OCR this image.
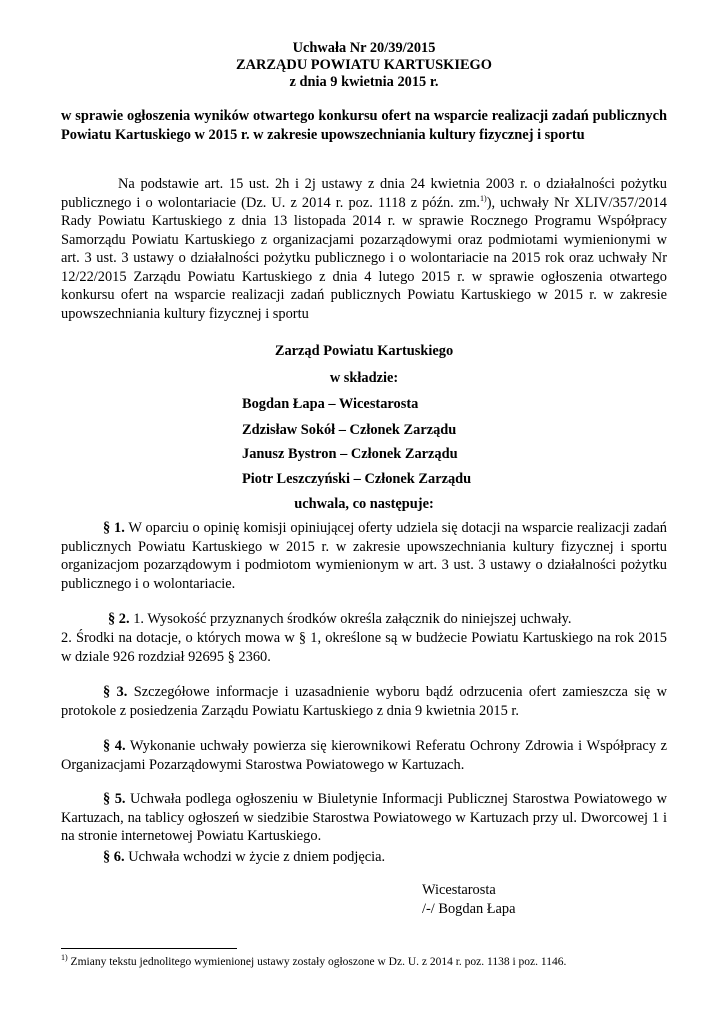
Uchwała Nr 20/39/2015
ZARZĄDU POWIATU KARTUSKIEGO
z dnia 9 kwietnia 2015 r.
w sprawie ogłoszenia wyników otwartego konkursu ofert na wsparcie realizacji zadań publicznych Powiatu Kartuskiego w 2015 r. w zakresie upowszechniania kultury fizycznej i sportu
Na podstawie art. 15 ust. 2h i 2j ustawy z dnia 24 kwietnia 2003 r. o działalności pożytku publicznego i o wolontariacie (Dz. U. z 2014 r. poz. 1118 z późn. zm.$^{1)}$), uchwały Nr XLIV/357/2014 Rady Powiatu Kartuskiego z dnia 13 listopada 2014 r. w sprawie Rocznego Programu Współpracy Samorządu Powiatu Kartuskiego z organizacjami pozarządowymi oraz podmiotami wymienionymi w art. 3 ust. 3 ustawy o działalności pożytku publicznego i o wolontariacie na 2015 rok oraz uchwały Nr 12/22/2015 Zarządu Powiatu Kartuskiego z dnia 4 lutego 2015 r. w sprawie ogłoszenia otwartego konkursu ofert na wsparcie realizacji zadań publicznych Powiatu Kartuskiego w 2015 r. w zakresie upowszechniania kultury fizycznej i sportu
Zarząd Powiatu Kartuskiego
w składzie:
Bogdan Łapa – Wicestarosta
Zdzisław Sokół – Członek Zarządu
Janusz Bystron – Członek Zarządu
Piotr Leszczyński – Członek Zarządu
uchwala, co następuje:
§ 1. W oparciu o opinię komisji opiniującej oferty udziela się dotacji na wsparcie realizacji zadań publicznych Powiatu Kartuskiego w 2015 r. w zakresie upowszechniania kultury fizycznej i sportu organizacjom pozarządowym i podmiotom wymienionym w art. 3 ust. 3 ustawy o działalności pożytku publicznego i o wolontariacie.
§ 2. 1. Wysokość przyznanych środków określa załącznik do niniejszej uchwały.
2. Środki na dotacje, o których mowa w § 1, określone są w budżecie Powiatu Kartuskiego na rok 2015 w dziale 926 rozdział 92695 § 2360.
§ 3. Szczegółowe informacje i uzasadnienie wyboru bądź odrzucenia ofert zamieszcza się w protokole z posiedzenia Zarządu Powiatu Kartuskiego z dnia 9 kwietnia 2015 r.
§ 4. Wykonanie uchwały powierza się kierownikowi Referatu Ochrony Zdrowia i Współpracy z Organizacjami Pozarządowymi Starostwa Powiatowego w Kartuzach.
§ 5. Uchwała podlega ogłoszeniu w Biuletynie Informacji Publicznej Starostwa Powiatowego w Kartuzach, na tablicy ogłoszeń w siedzibie Starostwa Powiatowego w Kartuzach przy ul. Dworcowej 1 i na stronie internetowej Powiatu Kartuskiego.
§ 6. Uchwała wchodzi w życie z dniem podjęcia.
Wicestarosta
/-/ Bogdan Łapa
$^{1)}$ Zmiany tekstu jednolitego wymienionej ustawy zostały ogłoszone w Dz. U. z 2014 r. poz. 1138 i poz. 1146.
